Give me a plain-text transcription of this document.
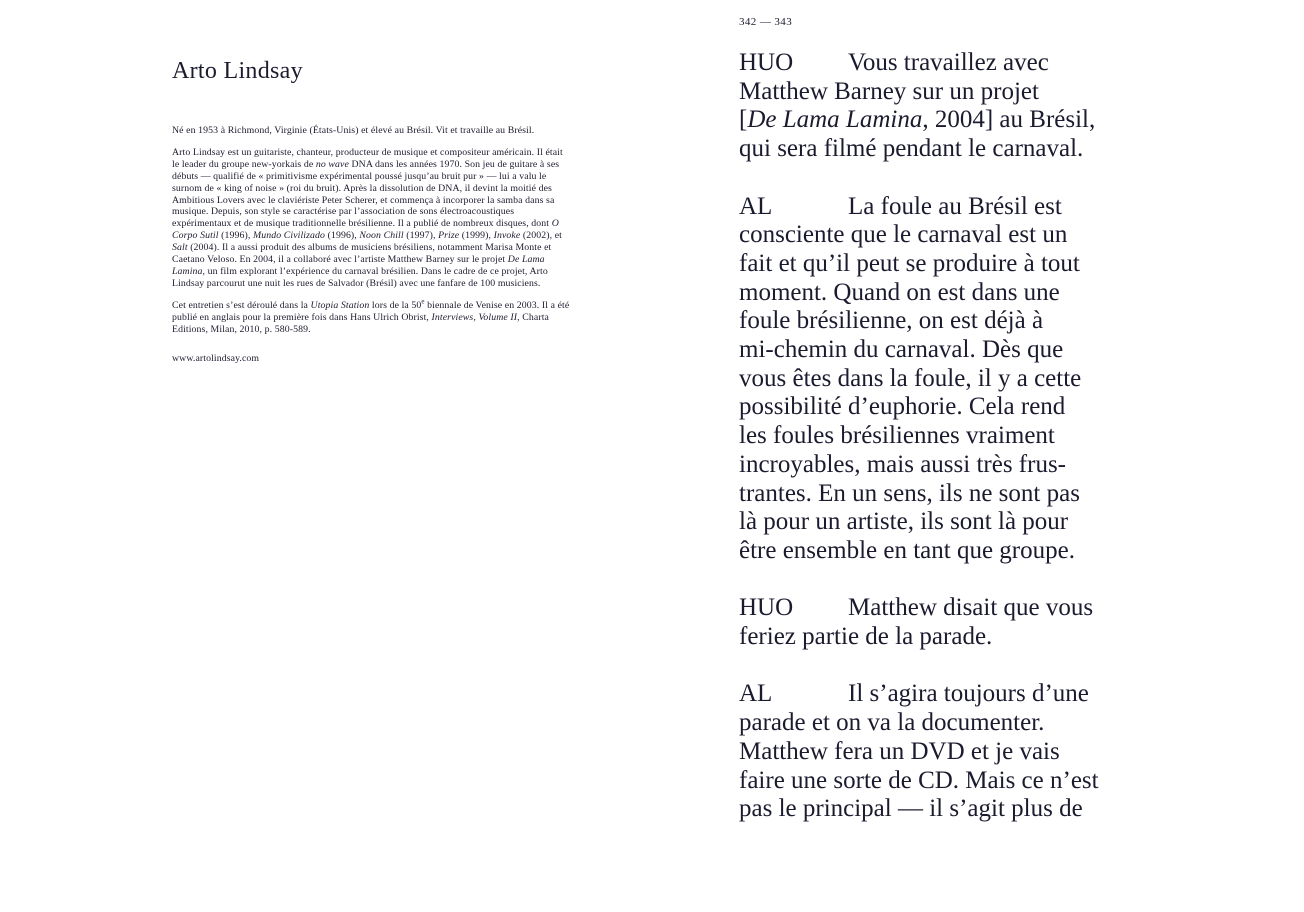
342 — 343
Arto Lindsay

Né en 1953 à Richmond, Virginie (États-Unis) et élevé au Brésil. Vit et travaille au Brésil.

Arto Lindsay est un guitariste, chanteur, producteur de musique et compositeur américain. Il était le leader du groupe new-yorkais de no wave DNA dans les années 1970. Son jeu de guitare à ses débuts — qualifié de « primitivisme expérimental poussé jusqu’au bruit pur » — lui a valu le surnom de « king of noise » (roi du bruit). Après la dissolution de DNA, il devint la moitié des Ambitious Lovers avec le claviériste Peter Scherer, et commença à incorporer la samba dans sa musique. Depuis, son style se caractérise par l’association de sons électroacoustiques expérimentaux et de musique traditionnelle brésilienne. Il a publié de nombreux disques, dont O Corpo Sutil (1996), Mundo Civilizado (1996), Noon Chill (1997), Prize (1999), Invoke (2002), et Salt (2004). Il a aussi produit des albums de musiciens brésiliens, notamment Marisa Monte et Caetano Veloso. En 2004, il a collaboré avec l’artiste Matthew Barney sur le projet De Lama Lamina, un film explorant l’expérience du carnaval brésilien. Dans le cadre de ce projet, Arto Lindsay parcourut une nuit les rues de Salvador (Brésil) avec une fanfare de 100 musiciens.

Cet entretien s’est déroulé dans la Utopia Station lors de la 50e biennale de Venise en 2003. Il a été publié en anglais pour la première fois dans Hans Ulrich Obrist, Interviews, Volume II, Charta Editions, Milan, 2010, p. 580-589.

www.artolindsay.com

HUO Vous travaillez avec
Matthew Barney sur un projet
[De Lama Lamina, 2004] au Brésil,
qui sera filmé pendant le carnaval.
AL	La foule au Brésil est
consciente que le carnaval est un
fait et qu’il peut se produire à tout
moment. Quand on est dans une
foule brésilienne, on est déjà à
mi-chemin du carnaval. Dès que
vous êtes dans la foule, il y a cette
possibilité d’euphorie. Cela rend
les foules brésiliennes vraiment
incroyables, mais aussi très frus-
trantes. En un sens, ils ne sont pas
là pour un artiste, ils sont là pour
être ensemble en tant que groupe.
HUO Matthew disait que vous
feriez partie de la parade.
AL	Il s’agira toujours d’une
parade et on va la documenter.
Matthew fera un DVD et je vais
faire une sorte de CD. Mais ce n’est
pas le principal — il s’agit plus de
